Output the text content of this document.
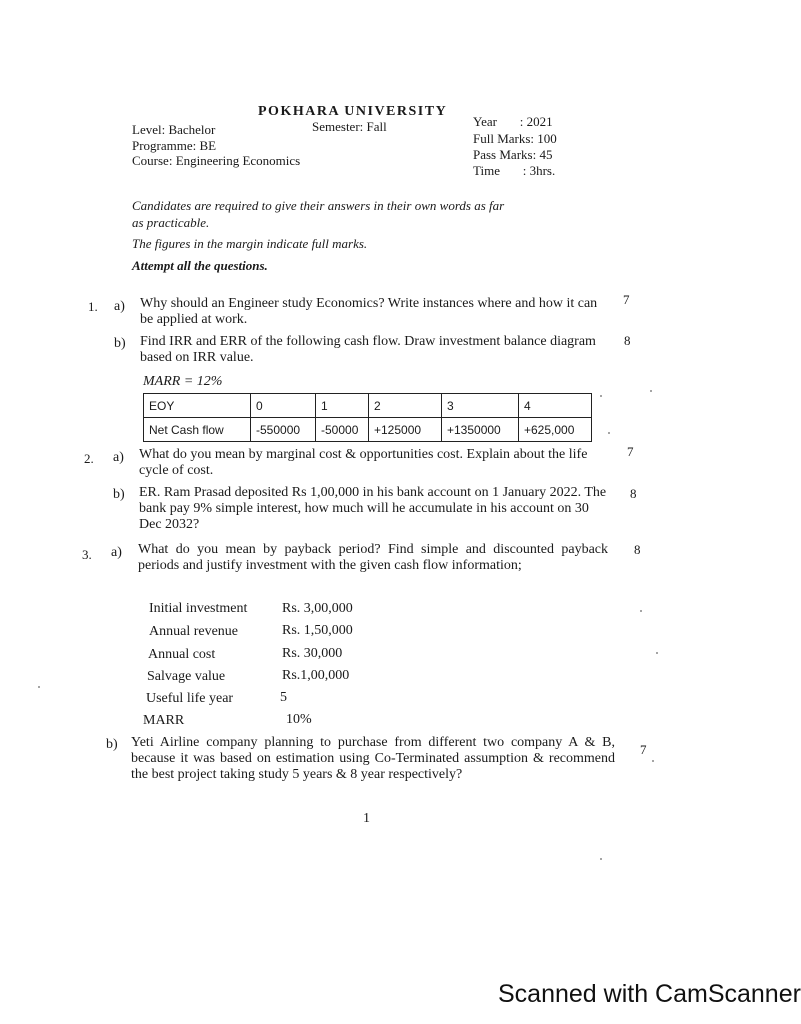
POKHARA UNIVERSITY
Level: Bachelor	Semester: Fall
Programme: BE
Course: Engineering Economics
Year       : 2021
Full Marks: 100
Pass Marks: 45
Time       : 3hrs.
Candidates are required to give their answers in their own words as far
as practicable.
The figures in the margin indicate full marks.
Attempt all the questions.
1. a) Why should an Engineer study Economics? Write instances where and how it can be applied at work.
7
b) Find IRR and ERR of the following cash flow. Draw investment balance diagram based on IRR value.
8
MARR = 12%
EOY	0	1	2	3	4
Net Cash flow	-550000	-50000	+125000	+1350000	+625,000
2. a) What do you mean by marginal cost & opportunities cost. Explain about the life cycle of cost.
7
b) ER. Ram Prasad deposited Rs 1,00,000 in his bank account on 1 January 2022. The bank pay 9% simple interest, how much will he accumulate in his account on 30 Dec 2032?
8
3. a) What do you mean by payback period? Find simple and discounted payback periods and justify investment with the given cash flow information;
8
Initial investment Rs. 3,00,000
Annual revenue	Rs. 1,50,000
Annual cost	Rs. 30,000
Salvage value	Rs.1,00,000
Useful life year	5
MARR	10%
b) Yeti Airline company planning to purchase from different two company A & B, because it was based on estimation using Co-Terminated assumption & recommend the best project taking study 5 years & 8 year respectively?
7
1
Scanned with CamScanner
